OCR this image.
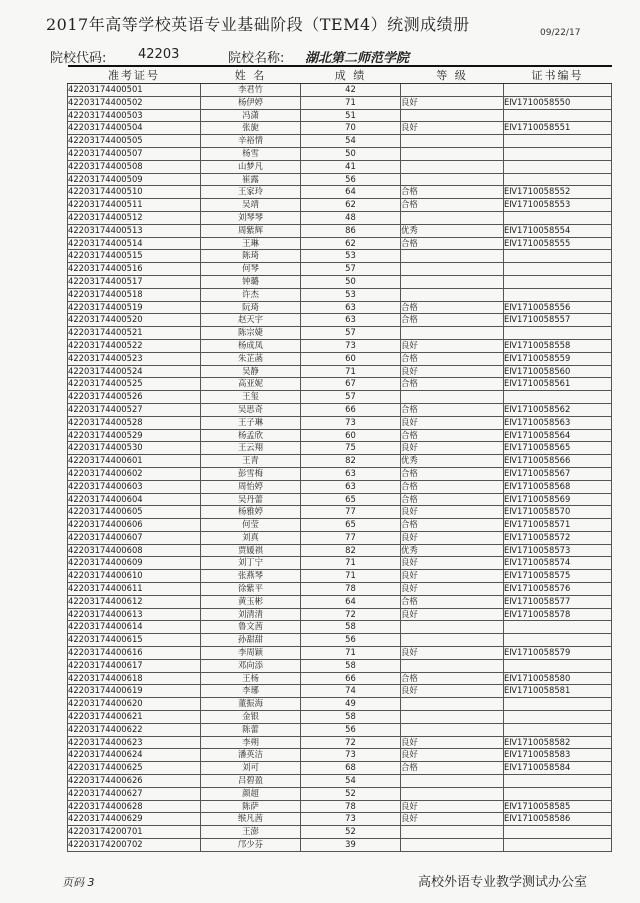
2017年高等学校英语专业基础阶段（TEM4）统测成绩册	09/22/17
院校代码: 42203	院校名称: 湖北第二师范学院
准考证号	姓 名	成 绩	等 级	证书编号
42203174400501	李君竹	42		
42203174400502	杨伊婷	71	良好	EⅣ1710058550
42203174400503	冯潇	51		
42203174400504	张旎	70	良好	EⅣ1710058551
42203174400505	辛裕情	54		
42203174400507	杨雪	50		
42203174400508	山梦凡	41		
42203174400509	崔露	56		
42203174400510	王家玲	64	合格	EⅣ1710058552
42203174400511	吴靖	62	合格	EⅣ1710058553
42203174400512	刘琴琴	48		
42203174400513	周紫辉	86	优秀	EⅣ1710058554
42203174400514	王琳	62	合格	EⅣ1710058555
42203174400515	陈琦	53		
42203174400516	何琴	57		
42203174400517	钟璐	50		
42203174400518	许杰	53		
42203174400519	阮琦	63	合格	EⅣ1710058556
42203174400520	赵天宇	63	合格	EⅣ1710058557
42203174400521	陈宗婕	57		
42203174400522	杨成凤	73	良好	EⅣ1710058558
42203174400523	朱芷菡	60	合格	EⅣ1710058559
42203174400524	吴静	71	良好	EⅣ1710058560
42203174400525	高亚妮	67	合格	EⅣ1710058561
42203174400526	王玺	57		
42203174400527	吴思奇	66	合格	EⅣ1710058562
42203174400528	王子琳	73	良好	EⅣ1710058563
42203174400529	杨孟欣	60	合格	EⅣ1710058564
42203174400530	王云翔	75	良好	EⅣ1710058565
42203174400601	王青	82	优秀	EⅣ1710058566
42203174400602	彭雪梅	63	合格	EⅣ1710058567
42203174400603	周怡婷	63	合格	EⅣ1710058568
42203174400604	吴丹蕾	65	合格	EⅣ1710058569
42203174400605	杨雅婷	77	良好	EⅣ1710058570
42203174400606	何莹	65	合格	EⅣ1710058571
42203174400607	刘真	77	良好	EⅣ1710058572
42203174400608	贾媛祺	82	优秀	EⅣ1710058573
42203174400609	刘丁宁	71	良好	EⅣ1710058574
42203174400610	张燕琴	71	良好	EⅣ1710058575
42203174400611	徐紫平	78	良好	EⅣ1710058576
42203174400612	黄玉彬	64	合格	EⅣ1710058577
42203174400613	刘清清	72	良好	EⅣ1710058578
42203174400614	鲁文茜	58		
42203174400615	孙甜甜	56		
42203174400616	李周颖	71	良好	EⅣ1710058579
42203174400617	邓向添	58		
42203174400618	王杨	66	合格	EⅣ1710058580
42203174400619	李琊	74	良好	EⅣ1710058581
42203174400620	董振海	49		
42203174400621	金银	58		
42203174400622	陈蕾	56		
42203174400623	李朔	72	良好	EⅣ1710058582
42203174400624	潘英洁	73	良好	EⅣ1710058583
42203174400625	刘可	68	合格	EⅣ1710058584
42203174400626	吕碧盈	54		
42203174400627	颜超	52		
42203174400628	陈萨	78	良好	EⅣ1710058585
42203174400629	缑凡茜	73	良好	EⅣ1710058586
42203174200701	王澎	52		
42203174200702	邝少芬	39		
页码 3	高校外语专业教学测试办公室
